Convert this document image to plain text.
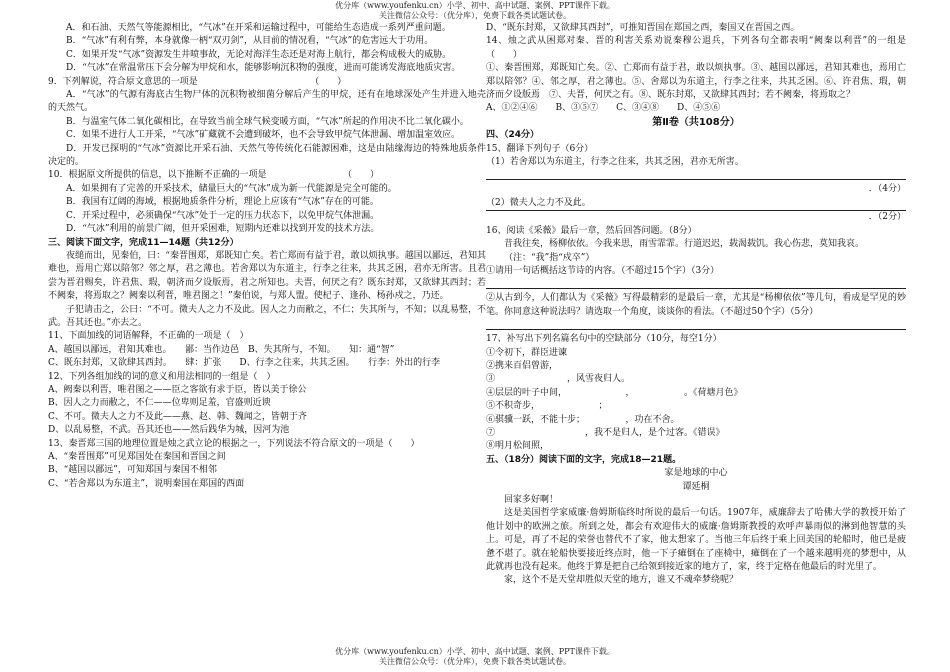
优分库（www.youfenku.cn）小学、初中、高中试题、案例、PPT课件下载。
关注微信公众号：（优分库），免费下载各类试题试卷。

A．和石油、天然气等能源相比，“气冰”在开采和运输过程中，可能给生态造成一系列严重问题。

B．“气冰”有利有弊，本身就像一柄“双刃剑”，从目前的情况看，“气冰”的危害远大于功用。

C．如果开发“气冰”资源发生井喷事故，无论对海洋生态还是对海上航行，都会构成极大的威胁。

D．“气冰”在常温常压下会分解为甲烷和水，能够影响沉积物的强度，进而可能诱发海底地质灾害。

9．下列解说，符合原文意思的一项是　　　　　　　　　　　　　（　　）

A．“气冰”的气源有海底古生物尸体的沉积物被细菌分解后产生的甲烷，还有在地球深处产生并进入地壳的天然气。

B．与温室气体二氧化碳相比，在导致当前全球气候变暖方面，“气冰”所起的作用决不比二氧化碳小。

C．如果不进行人工开采，“气冰”矿藏就不会遭到破坏，也不会导致甲烷气体泄漏、增加温室效应。

D．开发已探明的“气冰”资源比开采石油、天然气等传统化石能源困难，这是由陆缘海边的特殊地质条件决定的。

10．根据原文所提供的信息，以下推断不正确的一项是　　　　　　　　　（　　）

A．如果拥有了完善的开采技术，储量巨大的“气冰”成为新一代能源是完全可能的。

B．我国有辽阔的海域，根据地质条件分析，理论上应该有“气冰”存在的可能。

C．开采过程中，必须确保“气冰”处于一定的压力状态下，以免甲烷气体泄漏。

D．“气冰”利用的前景广阔，但开采困难，短期内还难以找到开发的技术方法。

三、阅读下面文字，完成11—14题（共12分）

夜缒而出，见秦伯，曰：“秦晋围郑，郑既知亡矣。若亡郑而有益于君，敢以烦执事。越国以鄙远，君知其难也，焉用亡郑以陪邻？邻之厚，君之薄也。若舍郑以为东道主，行李之往来，共其乏困，君亦无所害。且君尝为晋君赐矣，许君焦、瑕，朝济而夕设版焉，君之所知也。夫晋，何厌之有？既东封郑，又欲肆其西封；若不阙秦，将焉取之？阙秦以利晋，唯君图之！”秦伯说，与郑人盟。使杞子、逢孙、杨孙戍之，乃还。

子犯请击之，公曰：“不可。微夫人之力不及此。因人之力而敝之，不仁；失其所与，不知；以乱易整，不武。吾其还也。”亦去之。

11、下面加线的词语解释，不正确的一项是（　）

A、越国以鄙远，君知其难也。　　鄙：当作边邑　B、失其所与，不知。　　知：通“智”

C、既东封郑，又欲肆其西封。　　肆：扩张　　D、行李之往来，共其乏困。　　行李：外出的行李

12、下列各组加线的词的意义和用法相同的一组是（　）

A、阙秦以利晋，唯君图之——臣之客欲有求于臣，皆以美于徐公

B、因人之力而敝之，不仁——位卑则足羞，官盛则近谀

C、不可。微夫人之力不及此——燕、赵、韩、魏闻之，皆朝于齐

D、以乱易整，不武。吾其还也——然后践华为城，因河为池

13、秦晋郑三国的地理位置是烛之武立论的根据之一，下列说法不符合原文的一项是（　　）

A、“秦晋围郑”可见郑国处在秦国和晋国之间

B、“越国以鄙远”，可知郑国与秦国不相邻

C、“若舍郑以为东道主”，说明秦国在郑国的西面

D、“既东封郑，又欲肆其西封”，可推知晋国在郑国之西，秦国又在晋国之西。

14、烛之武从困郑对秦、晋的利害关系劝说秦穆公退兵，下列各句全都表明“阙秦以利晋”的一组是（　　）

①、秦晋围郑，郑既知亡矣。②、亡郑而有益于君，敢以烦执事。③、越国以鄙远，君知其难也，焉用亡郑以陪邻？④、邻之厚，君之薄也。⑤、舍郑以为东道主，行李之往来，共其乏困。⑥、许君焦、瑕，朝济而夕设版焉　⑦、夫晋，何厌之有。⑧、既东封郑，又欲肆其西封；若不阙秦，将焉取之？

A、①②④⑥　　B、③⑤⑦　　C、③④⑧　　D、④⑤⑥

第Ⅱ卷（共108分）

四、（24分）

15、翻译下列句子（6分）

（1）若舍郑以为东道主，行李之往来，共其乏困，君亦无所害。

．（4分）

（2）微夫人之力不及此。

．（2分）

16、阅读《采薇》最后一章，然后回答问题。（8分）

昔我往矣，杨柳依依。今我来思，雨雪霏霏。行道迟迟，载渴载饥。我心伤悲，莫知我哀。

（注：“我”指“戍卒”）

①请用一句话概括这节诗的内容。（不超过15个字）（3分）

②从古到今，人们都认为《采薇》写得最精彩的是最后一章，尤其是“杨柳依依”等几句，看成是罕见的妙笔。你同意这种说法吗？请选取一个角度，谈谈你的看法。（不超过50个字）（5分）

17、补写出下列名篇名句中的空缺部分（10分，每空1分）

①令初下，群臣进谏

②携来百侣曾游，

③　　　　　　　　，风雪夜归人。

④层层的叶子中间，　　　　　　　，　　　　　　。《荷塘月色》

⑤不积奇步，　　　　　　　；

⑥骐骥一跃，不能十步；　　　　　，功在不舍。

⑦　　　　　　　　　　，我不是归人，是个过客。《错误》

⑧明月松间照，

五、（18分）阅读下面的文字，完成18—21题。

家是地球的中心

谭延桐

回家多好啊！

这是美国哲学家威廉·詹姆斯临终时所说的最后一句话。1907年，威廉辞去了哈佛大学的教授开始了他计划中的欧洲之旅。所到之处，都会有欢迎伟大的威廉·詹姆斯教授的欢呼声暴雨似的淋到他智慧的头上。可是，再了不起的荣誉也替代不了家，他太想家了。当他三年后终于乘上回美国的轮船时，他已是疲惫不堪了。就在轮船快要接近终点时，他一下子瘫倒在了座椅中，瘫倒在了一个越来越明亮的梦想中，从此就再也没有起来。他终于算是把自己给领到接近家的地方了，家，终于定格在他最后的时光里了。

家，这个不是天堂却胜似天堂的地方，谁又不魂牵梦绕呢？

优分库（www.youfenku.cn）小学、初中、高中试题、案例、PPT课件下载。
关注微信公众号：（优分库），免费下载各类试题试卷。
